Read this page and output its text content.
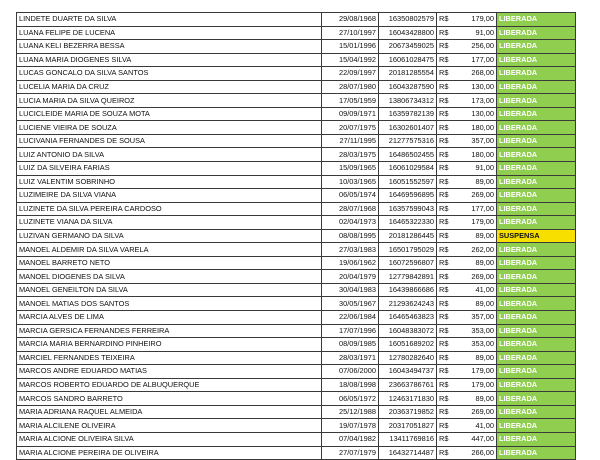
LINDETE DUARTE DA SILVA	29/08/1968	16350802579	R$	179,00	LIBERADA
LUANA FELIPE DE LUCENA	27/10/1997	16043428800	R$	91,00	LIBERADA
LUANA KELI BEZERRA BESSA	15/01/1996	20673459025	R$	256,00	LIBERADA
LUANA MARIA DIOGENES SILVA	15/04/1992	16061028475	R$	177,00	LIBERADA
LUCAS GONCALO DA SILVA SANTOS	22/09/1997	20181285554	R$	268,00	LIBERADA
LUCELIA MARIA DA CRUZ	28/07/1980	16043287590	R$	130,00	LIBERADA
LUCIA MARIA DA SILVA QUEIROZ	17/05/1959	13806734312	R$	173,00	LIBERADA
LUCICLEIDE MARIA DE SOUZA MOTA	09/09/1971	16359782139	R$	130,00	LIBERADA
LUCIENE VIEIRA DE SOUZA	20/07/1975	16302601407	R$	180,00	LIBERADA
LUCIVANIA FERNANDES DE SOUSA	27/11/1995	21277575316	R$	357,00	LIBERADA
LUIZ ANTONIO DA SILVA	28/03/1975	16486502455	R$	180,00	LIBERADA
LUIZ DA SILVEIRA FARIAS	15/09/1965	16061029584	R$	91,00	LIBERADA
LUIZ VALENTIM SOBRINHO	10/03/1965	16051552597	R$	89,00	LIBERADA
LUZIMEIRE DA SILVA VIANA	06/05/1974	16469596895	R$	269,00	LIBERADA
LUZINETE DA SILVA PEREIRA CARDOSO	28/07/1968	16357599043	R$	177,00	LIBERADA
LUZINETE VIANA DA SILVA	02/04/1973	16465322330	R$	179,00	LIBERADA
LUZIVAN GERMANO DA SILVA	08/08/1995	20181286445	R$	89,00	SUSPENSA
MANOEL ALDEMIR DA SILVA VARELA	27/03/1983	16501795029	R$	262,00	LIBERADA
MANOEL BARRETO NETO	19/06/1962	16072596807	R$	89,00	LIBERADA
MANOEL DIOGENES DA SILVA	20/04/1979	12779842891	R$	269,00	LIBERADA
MANOEL GENEILTON DA SILVA	30/04/1983	16439866686	R$	41,00	LIBERADA
MANOEL MATIAS DOS SANTOS	30/05/1967	21293624243	R$	89,00	LIBERADA
MARCIA ALVES DE LIMA	22/06/1984	16465463823	R$	357,00	LIBERADA
MARCIA GERSICA FERNANDES FERREIRA	17/07/1996	16048383072	R$	353,00	LIBERADA
MARCIA MARIA BERNARDINO PINHEIRO	08/09/1985	16051689202	R$	353,00	LIBERADA
MARCIEL FERNANDES TEIXEIRA	28/03/1971	12780282640	R$	89,00	LIBERADA
MARCOS ANDRE EDUARDO MATIAS	07/06/2000	16043494737	R$	179,00	LIBERADA
MARCOS ROBERTO EDUARDO DE ALBUQUERQUE	18/08/1998	23663786761	R$	179,00	LIBERADA
MARCOS SANDRO BARRETO	06/05/1972	12463171830	R$	89,00	LIBERADA
MARIA ADRIANA RAQUEL ALMEIDA	25/12/1988	20363719852	R$	269,00	LIBERADA
MARIA ALCILENE OLIVEIRA	19/07/1978	20317051827	R$	41,00	LIBERADA
MARIA ALCIONE OLIVEIRA SILVA	07/04/1982	13411769816	R$	447,00	LIBERADA
MARIA ALCIONE PEREIRA DE OLIVEIRA	27/07/1979	16432714487	R$	266,00	LIBERADA
